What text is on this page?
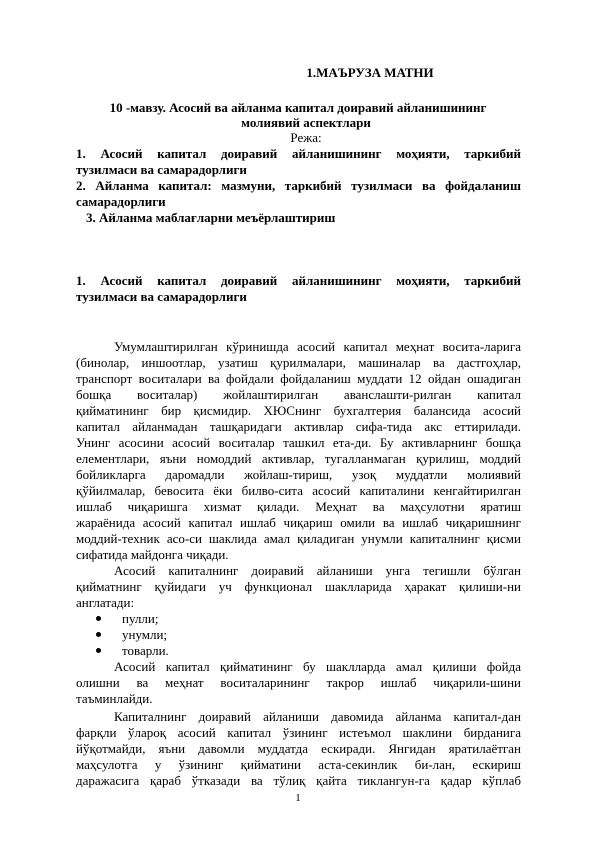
1.МАЪРУЗА МАТНИ
10 -мавзу. Асосий ва айланма капитал доиравий айланишининг
молиявий аспектлари
Режа:
1. Асосий капитал доиравий айланишининг моҳияти, таркибий
тузилмаси ва самарадорлиги
2. Айланма капитал: мазмуни, таркибий тузилмаси ва фойдаланиш
самарадорлиги
3. Айланма маблағларни меъёрлаштириш
1. Асосий капитал доиравий айланишининг моҳияти, таркибий
тузилмаси ва самарадорлиги
Умумлаштирилган кўринишда асосий капитал меҳнат восита-ларига
(бинолар, иншоотлар, узатиш қурилмалари, машиналар ва дастгоҳлар,
транспорт воситалари ва фойдали фойдаланиш муддати 12 ойдан ошадиган
бошқа воситалар) жойлаштирилган аванслашти-рилган капитал
қийматининг бир қисмидир. ХЮСнинг бухгалтерия балансида асосий
капитал айланмадан ташқаридаги активлар сифа-тида акс еттирилади.
Унинг асосини асосий воситалар ташкил ета-ди. Бу активларнинг бошқа
елементлари, яъни номоддий активлар, тугалланмаган қурилиш, моддий
бойликларга даромадли жойлаш-тириш, узоқ муддатли молиявий
қўйилмалар, бевосита ёки билво-сита асосий капиталини кенгайтирилган
ишлаб чиқаришга хизмат қилади. Меҳнат ва маҳсулотни яратиш
жараёнида асосий капитал ишлаб чиқариш омили ва ишлаб чиқаришнинг
моддий-техник асо-си шаклида амал қиладиган унумли капиталнинг қисми
сифатида майдонга чиқади.
Асосий капиталнинг доиравий айланиши унга тегишли бўлган
қийматнинг қуйидаги уч функционал шаклларида ҳаракат қилиши-ни
англатади:
пулли;
унумли;
товарли.
Асосий капитал қийматининг бу шаклларда амал қилиши фойда
олишни ва меҳнат воситаларининг такрор ишлаб чиқарили-шини
таъминлайди.
Капиталнинг доиравий айланиши давомида айланма капитал-дан
фарқли ўлароқ асосий капитал ўзининг истеъмол шаклини бирданига
йўқотмайди, яъни давомли муддатда ескиради. Янгидан яратилаётган
маҳсулотга у ўзининг қийматини аста-секинлик би-лан, ескириш
даражасига қараб ўтказади ва тўлиқ қайта тиклангун-га қадар кўплаб
1
